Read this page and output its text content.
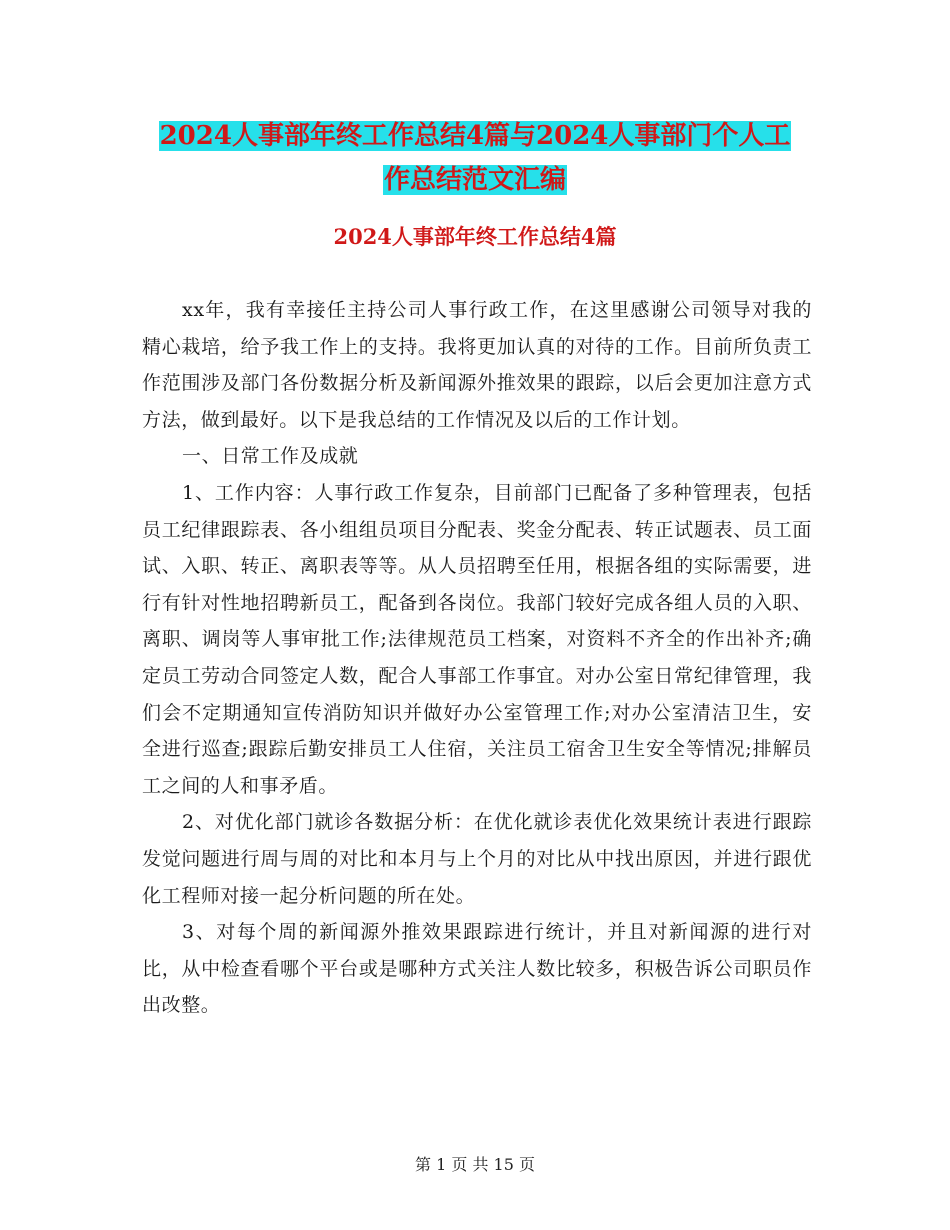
2024人事部年终工作总结4篇与2024人事部门个人工
作总结范文汇编
2024人事部年终工作总结4篇

xx年，我有幸接任主持公司人事行政工作，在这里感谢公司领导对我的精心栽培，给予我工作上的支持。我将更加认真的对待的工作。目前所负责工作范围涉及部门各份数据分析及新闻源外推效果的跟踪，以后会更加注意方式方法，做到最好。以下是我总结的工作情况及以后的工作计划。

一、日常工作及成就

1、工作内容：人事行政工作复杂，目前部门已配备了多种管理表，包括员工纪律跟踪表、各小组组员项目分配表、奖金分配表、转正试题表、员工面试、入职、转正、离职表等等。从人员招聘至任用，根据各组的实际需要，进行有针对性地招聘新员工，配备到各岗位。我部门较好完成各组人员的入职、离职、调岗等人事审批工作;法律规范员工档案，对资料不齐全的作出补齐;确定员工劳动合同签定人数，配合人事部工作事宜。对办公室日常纪律管理，我们会不定期通知宣传消防知识并做好办公室管理工作;对办公室清洁卫生，安全进行巡查;跟踪后勤安排员工人住宿，关注员工宿舍卫生安全等情况;排解员工之间的人和事矛盾。

2、对优化部门就诊各数据分析：在优化就诊表优化效果统计表进行跟踪发觉问题进行周与周的对比和本月与上个月的对比从中找出原因，并进行跟优化工程师对接一起分析问题的所在处。

3、对每个周的新闻源外推效果跟踪进行统计，并且对新闻源的进行对比，从中检查看哪个平台或是哪种方式关注人数比较多，积极告诉公司职员作出改整。

第 1 页 共 15 页
